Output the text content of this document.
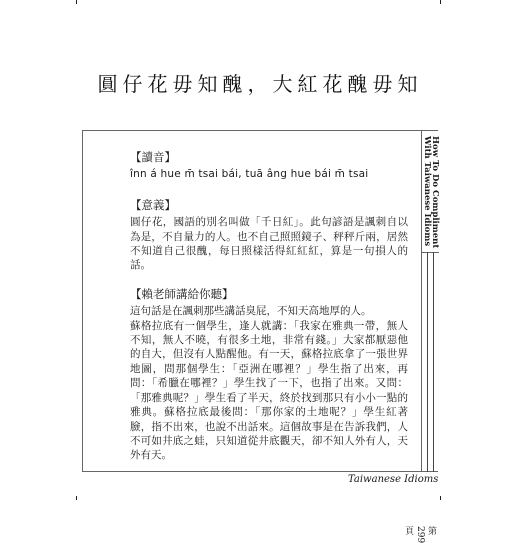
圓仔花毋知醜，大紅花醜毋知
【讀音】
înn á hue m̄ tsai bái, tuā âng hue bái m̄ tsai
【意義】

圓仔花，國語的別名叫做「千日紅」。此句諺語是諷刺自以為是，不自量力的人。也不自己照照鏡子、秤秤斤兩，居然不知道自己很醜，每日照樣活得紅紅紅，算是一句損人的話。

【賴老師講給你聽】

這句話是在諷刺那些講話臭屁，不知天高地厚的人。

蘇格拉底有一個學生，逢人就講：「我家在雅典一帶，無人不知，無人不曉，有很多土地，非常有錢。」大家都厭惡他的自大，但沒有人點醒他。有一天，蘇格拉底拿了一張世界地圖，問那個學生：「亞洲在哪裡？」學生指了出來，再問：「希臘在哪裡？」學生找了一下，也指了出來。又問：「那雅典呢？」學生看了半天，終於找到那只有小小一點的雅典。蘇格拉底最後問：「那你家的土地呢？」學生紅著臉，指不出來，也說不出話來。這個故事是在告訴我們，人不可如井底之蛙，只知道從井底觀天，卻不知人外有人，天外有天。

How To Do Compliment
With Taiwanese Idioms
第299頁
Taiwanese Idioms
